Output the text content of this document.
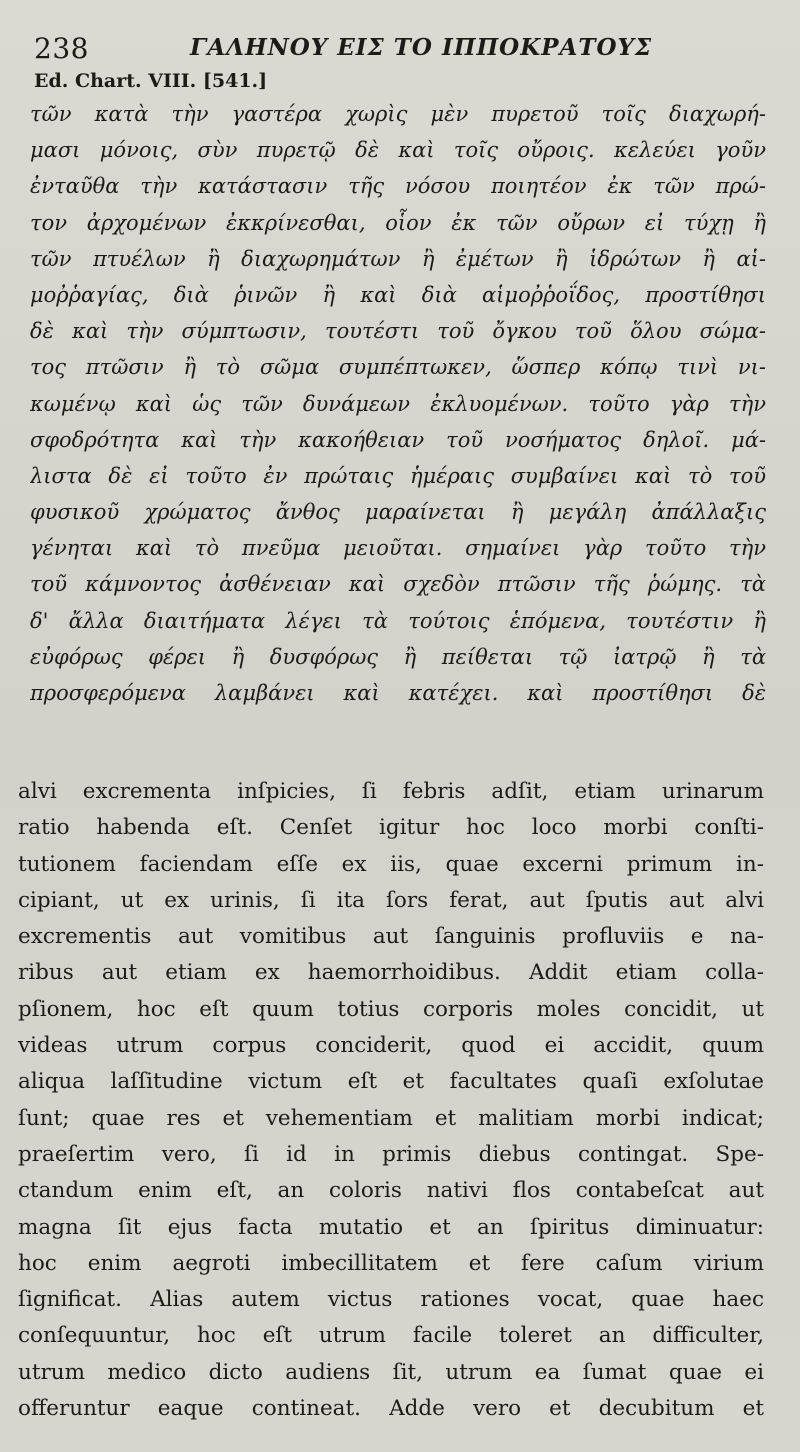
238	ΓΑΛΗΝΟΥ ΕΙΣ ΤΟ ΙΠΠΟΚΡΑΤΟΥΣ
Ed. Chart. VIII. [541.]
τῶν κατὰ τὴν γαστέρα χωρὶς μὲν πυρετοῦ τοῖς διαχωρή-
μασι μόνοις, σὺν πυρετῷ δὲ καὶ τοῖς οὔροις. κελεύει γοῦν
ἐνταῦθα τὴν κατάστασιν τῆς νόσου ποιητέον ἐκ τῶν πρώ-
τον ἀρχομένων ἐκκρίνεσθαι, οἷον ἐκ τῶν οὔρων εἰ τύχῃ ἢ
τῶν πτυέλων ἢ διαχωρημάτων ἢ ἐμέτων ἢ ἱδρώτων ἢ αἱ-
μοῤῥαγίας, διὰ ῥινῶν ἢ καὶ διὰ αἱμοῤῥοΐδος, προστίθησι
δὲ καὶ τὴν σύμπτωσιν, τουτέστι τοῦ ὄγκου τοῦ ὅλου σώμα-
τος πτῶσιν ἢ τὸ σῶμα συμπέπτωκεν, ὥσπερ κόπῳ τινὶ νι-
κωμένῳ καὶ ὡς τῶν δυνάμεων ἐκλυομένων. τοῦτο γὰρ τὴν
σφοδρότητα καὶ τὴν κακοήθειαν τοῦ νοσήματος δηλοῖ. μά-
λιστα δὲ εἰ τοῦτο ἐν πρώταις ἡμέραις συμβαίνει καὶ τὸ τοῦ
φυσικοῦ χρώματος ἄνθος μαραίνεται ἢ μεγάλη ἀπάλλαξις
γένηται καὶ τὸ πνεῦμα μειοῦται. σημαίνει γὰρ τοῦτο τὴν
τοῦ κάμνοντος ἀσθένειαν καὶ σχεδὸν πτῶσιν τῆς ῥώμης. τὰ
δ' ἄλλα διαιτήματα λέγει τὰ τούτοις ἑπόμενα, τουτέστιν ἢ
εὐφόρως φέρει ἢ δυσφόρως ἢ πείθεται τῷ ἰατρῷ ἢ τὰ
προσφερόμενα λαμβάνει καὶ κατέχει. καὶ προστίθησι δὲ
alvi excrementa inſpicies, ſi febris adſit, etiam urinarum
ratio habenda eſt. Cenſet igitur hoc loco morbi conſti-
tutionem faciendam eſſe ex iis, quae excerni primum in-
cipiant, ut ex urinis, ſi ita ſors ferat, aut ſputis aut alvi
excrementis aut vomitibus aut ſanguinis profluviis e na-
ribus aut etiam ex haemorrhoidibus. Addit etiam colla-
pſionem, hoc eſt quum totius corporis moles concidit, ut
videas utrum corpus conciderit, quod ei accidit, quum
aliqua laſſitudine victum eſt et facultates quaſi exſolutae
ſunt; quae res et vehementiam et malitiam morbi indicat;
praeſertim vero, ſi id in primis diebus contingat. Spe-
ctandum enim eſt, an coloris nativi flos contabeſcat aut
magna ſit ejus facta mutatio et an ſpiritus diminuatur:
hoc enim aegroti imbecillitatem et fere caſum virium
ſignificat. Alias autem victus rationes vocat, quae haec
conſequuntur, hoc eſt utrum facile toleret an difficulter,
utrum medico dicto audiens ſit, utrum ea ſumat quae ei
offeruntur eaque contineat. Adde vero et decubitum et
